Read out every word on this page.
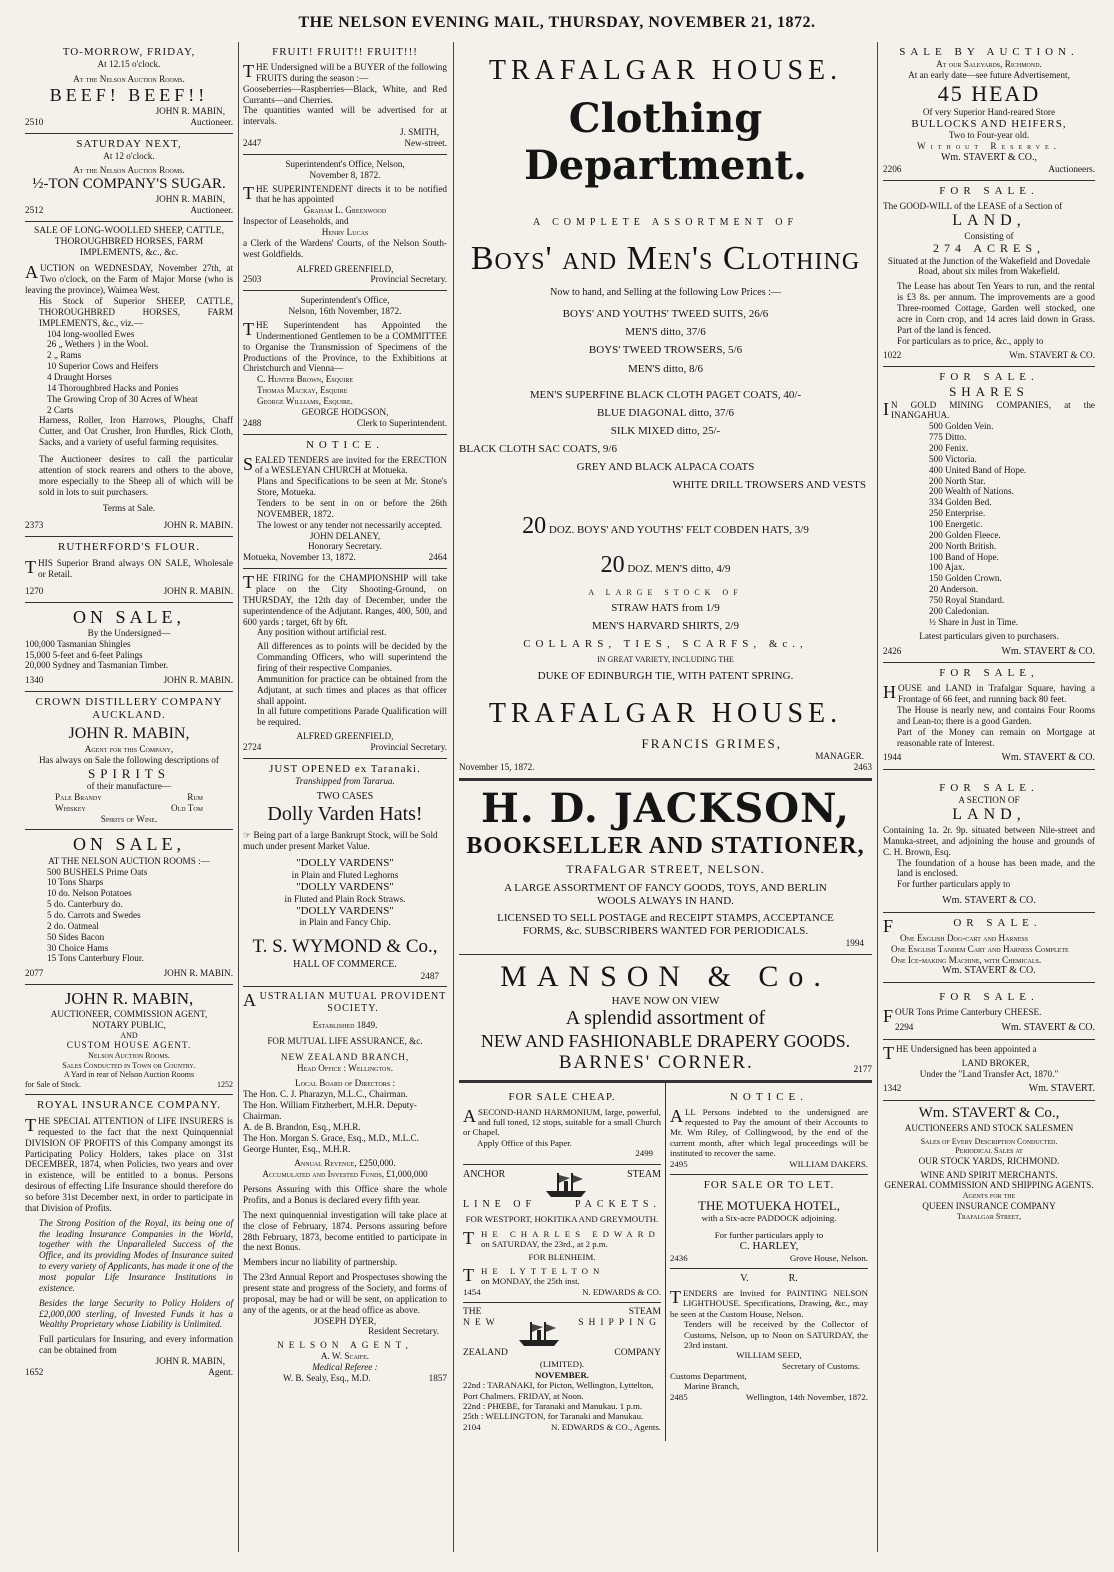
THE NELSON EVENING MAIL, THURSDAY, NOVEMBER 21, 1872.
TO-MORROW, FRIDAY,
At 12.15 o'clock.
At the Nelson Auction Rooms.
BEEF! BEEF!!
JOHN R. MABIN,
2510	Auctioneer.
SATURDAY NEXT,
At 12 o'clock.
At the Nelson Auction Rooms.
½-TON COMPANY'S SUGAR.
JOHN R. MABIN,
2512	Auctioneer.
SALE OF LONG-WOOLLED SHEEP, CATTLE, THOROUGHBRED HORSES, FARM IMPLEMENTS, &c., &c.
AUCTION on WEDNESDAY, November 27th, at Two o'clock, on the Farm of Major Morse (who is leaving the province), Waimea West.
His Stock of Superior SHEEP, CATTLE, THOROUGHBRED HORSES, FARM IMPLEMENTS, &c., viz.—
104 long-woolled Ewes
26 „ Wethers } in the Wool.
2 „ Rams
10 Superior Cows and Heifers
4 Draught Horses
14 Thoroughbred Hacks and Ponies
The Growing Crop of 30 Acres of Wheat
2 Carts
Harness, Roller, Iron Harrows, Ploughs, Chaff Cutter, and Oat Crusher, Iron Hurdles, Rick Cloth, Sacks, and a variety of useful farming requisites.
The Auctioneer desires to call the particular attention of stock rearers and others to the above, more especially to the Sheep all of which will be sold in lots to suit purchasers.
Terms at Sale.
2373	JOHN R. MABIN.
RUTHERFORD'S FLOUR.
THIS Superior Brand always ON SALE, Wholesale or Retail.
1270	JOHN R. MABIN.
ON SALE,
By the Undersigned—
100,000 Tasmanian Shingles
15,000 5-feet and 6-feet Palings
20,000 Sydney and Tasmanian Timber.
1340	JOHN R. MABIN.
CROWN DISTILLERY COMPANY AUCKLAND.
JOHN R. MABIN,
Agent for this Company,
Has always on Sale the following descriptions of
SPIRITS
of their manufacture—
Pale Brandy	Rum
Whiskey	Old Tom
Spirits of Wine.
ON SALE,
AT THE NELSON AUCTION ROOMS :—
500 BUSHELS Prime Oats
10 Tons Sharps
10 do. Nelson Potatoes
5 do. Canterbury do.
5 do. Carrots and Swedes
2 do. Oatmeal
50 Sides Bacon
30 Choice Hams
15 Tons Canterbury Flour.
2077	JOHN R. MABIN.
JOHN R. MABIN,
AUCTIONEER, COMMISSION AGENT,
NOTARY PUBLIC,
AND
CUSTOM HOUSE AGENT.
Nelson Auction Rooms.
Sales Conducted in Town or Country.
A Yard in rear of Nelson Auction Rooms
for Sale of Stock.	1252
ROYAL INSURANCE COMPANY.
THE SPECIAL ATTENTION of LIFE INSURERS is requested to the fact that the next Quinquennial DIVISION OF PROFITS of this Company amongst its Participating Policy Holders, takes place on 31st DECEMBER, 1874, when Policies, two years and over in existence, will be entitled to a bonus. Persons desirous of effecting Life Insurance should therefore do so before 31st December next, in order to participate in that Division of Profits.
The Strong Position of the Royal, its being one of the leading Insurance Companies in the World, together with the Unparalleled Success of the Office, and its providing Modes of Insurance suited to every variety of Applicants, has made it one of the most popular Life Insurance Institutions in existence.
Besides the large Security to Policy Holders of £2,000,000 sterling, of Invested Funds it has a Wealthy Proprietary whose Liability is Unlimited.
Full particulars for Insuring, and every information can be obtained from
JOHN R. MABIN,
1652	Agent.
FRUIT! FRUIT!! FRUIT!!!
THE Undersigned will be a BUYER of the following FRUITS during the season :—
Gooseberries—Raspberries—Black, White, and Red Currants—and Cherries.
The quantities wanted will be advertised for at intervals.
J. SMITH,
2447	New-street.
Superintendent's Office, Nelson,
November 8, 1872.
THE SUPERINTENDENT directs it to be notified that he has appointed
Graham L. Greenwood
Inspector of Leaseholds, and
Henry Lucas
a Clerk of the Wardens' Courts, of the Nelson South-west Goldfields.
ALFRED GREENFIELD,
2503	Provincial Secretary.
Superintendent's Office,
Nelson, 16th November, 1872.
THE Superintendent has Appointed the Undermentioned Gentlemen to be a COMMITTEE to Organise the Transmission of Specimens of the Productions of the Province, to the Exhibitions at Christchurch and Vienna—
C. Hunter Brown, Esquire
Thomas Mackay, Esquire
George Williams, Esquire.
GEORGE HODGSON,
2488	Clerk to Superintendent.
NOTICE.
SEALED TENDERS are invited for the ERECTION of a WESLEYAN CHURCH at Motueka.
Plans and Specifications to be seen at Mr. Stone's Store, Motueka.
Tenders to be sent in on or before the 26th NOVEMBER, 1872.
The lowest or any tender not necessarily accepted.
JOHN DELANEY,
Honorary Secretary.
Motueka, November 13, 1872.	2464
THE FIRING for the CHAMPIONSHIP will take place on the City Shooting-Ground, on THURSDAY, the 12th day of December, under the superintendence of the Adjutant. Ranges, 400, 500, and 600 yards ; target, 6ft by 6ft.
Any position without artificial rest.
All differences as to points will be decided by the Commanding Officers, who will superintend the firing of their respective Companies.
Ammunition for practice can be obtained from the Adjutant, at such times and places as that officer shall appoint.
In all future competitions Parade Qualification will be required.
ALFRED GREENFIELD,
2724	Provincial Secretary.
JUST OPENED ex Taranaki.
Transhipped from Tararua.
TWO CASES
Dolly Varden Hats!
☞ Being part of a large Bankrupt Stock, will be Sold much under present Market Value.
"DOLLY VARDENS"
in Plain and Fluted Leghorns
"DOLLY VARDENS"
in Fluted and Plain Rock Straws.
"DOLLY VARDENS"
in Plain and Fancy Chip.
T. S. WYMOND & Co.,
HALL OF COMMERCE.
2487
AUSTRALIAN MUTUAL PROVIDENT SOCIETY.
Established 1849.
FOR MUTUAL LIFE ASSURANCE, &c.
NEW ZEALAND BRANCH,
Head Office : Wellington.
Local Board of Directors :
The Hon. C. J. Pharazyn, M.L.C., Chairman.
The Hon. William Fitzherbert, M.H.R. Deputy-Chairman.
A. de B. Brandon, Esq., M.H.R.
The Hon. Morgan S. Grace, Esq., M.D., M.L.C.
George Hunter, Esq., M.H.R.
Annual Revenue, £250,000.
Accumulated and Invested Funds, £1,000,000
Persons Assuring with this Office share the whole Profits, and a Bonus is declared every fifth year.
The next quinquennial investigation will take place at the close of February, 1874. Persons assuring before 28th February, 1873, become entitled to participate in the next Bonus.
Members incur no liability of partnership.
The 23rd Annual Report and Prospectuses showing the present state and progress of the Society, and forms of proposal, may be had or will be sent, on application to any of the agents, or at the head office as above.
JOSEPH DYER,
Resident Secretary.
NELSON AGENT,
A. W. Scaife.
Medical Referee :
W. B. Sealy, Esq., M.D.	1857
TRAFALGAR HOUSE.
Clothing Department.
A COMPLETE ASSORTMENT OF
Boys' and Men's Clothing
Now to hand, and Selling at the following Low Prices :—
BOYS' AND YOUTHS' TWEED SUITS, 26/6
MEN'S ditto, 37/6
BOYS' TWEED TROWSERS, 5/6
MEN'S ditto, 8/6
MEN'S SUPERFINE BLACK CLOTH PAGET COATS, 40/-
BLUE DIAGONAL ditto, 37/6
SILK MIXED ditto, 25/-
BLACK CLOTH SAC COATS, 9/6
GREY AND BLACK ALPACA COATS
WHITE DRILL TROWSERS AND VESTS
20 DOZ. BOYS' AND YOUTHS' FELT COBDEN HATS, 3/9
20 DOZ. MEN'S ditto, 4/9
A LARGE STOCK OF
STRAW HATS from 1/9
MEN'S HARVARD SHIRTS, 2/9
COLLARS, TIES, SCARFS, &c.,
IN GREAT VARIETY, INCLUDING THE
DUKE OF EDINBURGH TIE, WITH PATENT SPRING.
TRAFALGAR HOUSE.
FRANCIS GRIMES,
MANAGER.
November 15, 1872.	2463
H. D. JACKSON,
BOOKSELLER AND STATIONER,
TRAFALGAR STREET, NELSON.
A LARGE ASSORTMENT OF FANCY GOODS, TOYS, AND BERLIN WOOLS ALWAYS IN HAND.
LICENSED TO SELL POSTAGE and RECEIPT STAMPS, ACCEPTANCE FORMS, &c. SUBSCRIBERS WANTED FOR PERIODICALS.
1994
MANSON & Co.
HAVE NOW ON VIEW
A splendid assortment of
NEW AND FASHIONABLE DRAPERY GOODS.
BARNES' CORNER.	2177
FOR SALE CHEAP.
ASECOND-HAND HARMONIUM, large, powerful, and full toned, 12 stops, suitable for a small Church or Chapel.
Apply Office of this Paper.
2499
ANCHOR	STEAM
LINE OF	PACKETS.
FOR WESTPORT, HOKITIKA AND GREYMOUTH.
THE CHARLES EDWARD
on SATURDAY, the 23rd., at 2 p.m.
FOR BLENHEIM.
THE LYTTELTON
on MONDAY, the 25th inst.
1454	N. EDWARDS & CO.
THE	STEAM
NEW	SHIPPING
ZEALAND	COMPANY
(LIMITED).
NOVEMBER.
22nd : TARANAKI, for Picton, Wellington, Lyttelton, Port Chalmers. FRIDAY, at Noon.
22nd : PHŒBE, for Taranaki and Manukau. 1 p.m.
25th : WELLINGTON, for Taranaki and Manukau.
2104	N. EDWARDS & CO., Agents.
NOTICE.
ALL Persons indebted to the undersigned are requested to Pay the amount of their Accounts to Mr. Wm Riley, of Collingwood, by the end of the current month, after which legal proceedings will be instituted to recover the same.
2495	WILLIAM DAKERS.
FOR SALE OR TO LET.
THE MOTUEKA HOTEL,
with a Six-acre PADDOCK adjoining.
For further particulars apply to
C. HARLEY,
2436	Grove House, Nelson.
V.                R.
TENDERS are Invited for PAINTING NELSON LIGHTHOUSE. Specifications, Drawing, &c., may be seen at the Custom House, Nelson.
Tenders will be received by the Collector of Customs, Nelson, up to Noon on SATURDAY, the 23rd instant.
WILLIAM SEED,
Secretary of Customs.
Customs Department,
Marine Branch,
2485	Wellington, 14th November, 1872.
SALE BY AUCTION.
At our Saleyards, Richmond.
At an early date—see future Advertisement,
45 HEAD
Of very Superior Hand-reared Store
BULLOCKS AND HEIFERS,
Two to Four-year old.
Without Reserve.
Wm. STAVERT & CO.,
2206	Auctioneers.
FOR SALE.
The GOOD-WILL of the LEASE of a Section of
LAND,
Consisting of
274 ACRES,
Situated at the Junction of the Wakefield and Dovedale Road, about six miles from Wakefield.
The Lease has about Ten Years to run, and the rental is £3 8s. per annum. The improvements are a good Three-roomed Cottage, Garden well stocked, one acre in Corn crop, and 14 acres laid down in Grass. Part of the land is fenced.
For particulars as to price, &c., apply to
1022	Wm. STAVERT & CO.
FOR SALE.
SHARES
IN GOLD MINING COMPANIES, at the INANGAHUA.
500 Golden Vein.
775 Ditto.
200 Fenix.
500 Victoria.
400 United Band of Hope.
200 North Star.
200 Wealth of Nations.
334 Golden Bed.
250 Enterprise.
100 Energetic.
200 Golden Fleece.
200 North British.
100 Band of Hope.
100 Ajax.
150 Golden Crown.
20 Anderson.
750 Royal Standard.
200 Caledonian.
½ Share in Just in Time.
Latest particulars given to purchasers.
2426	Wm. STAVERT & CO.
FOR SALE,
HOUSE and LAND in Trafalgar Square, having a Frontage of 66 feet, and running back 80 feet.
The House is nearly new, and contains Four Rooms and Lean-to; there is a good Garden.
Part of the Money can remain on Mortgage at reasonable rate of Interest.
1944	Wm. STAVERT & CO.
FOR SALE.
A SECTION OF
LAND,
Containing 1a. 2r. 9p. situated between Nile-street and Manuka-street, and adjoining the house and grounds of C. H. Brown, Esq.
The foundation of a house has been made, and the land is enclosed.
For further particulars apply to
Wm. STAVERT & CO.
FOR SALE.
One English Dog-cart and Harness
One English Tandem Cart and Harness Complete
One Ice-making Machine, with Chemicals.
Wm. STAVERT & CO.
FOR SALE.
FOUR Tons Prime Canterbury CHEESE.
2294	Wm. STAVERT & CO.
THE Undersigned has been appointed a
LAND BROKER,
Under the "Land Transfer Act, 1870."
1342	Wm. STAVERT.
Wm. STAVERT & Co.,
AUCTIONEERS AND STOCK SALESMEN
Sales of Every Description Conducted.
Periodical Sales at
OUR STOCK YARDS, RICHMOND.
WINE AND SPIRIT MERCHANTS.
GENERAL COMMISSION AND SHIPPING AGENTS.
Agents for the
QUEEN INSURANCE COMPANY
Trafalgar Street,
